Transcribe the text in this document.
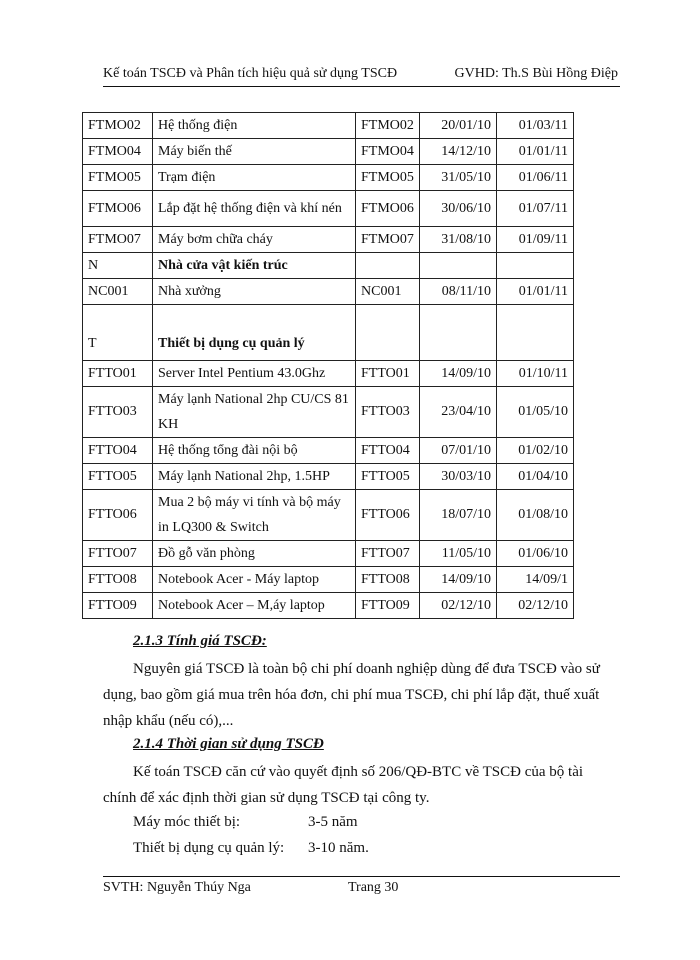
Kế toán TSCĐ và Phân tích hiệu quả sử dụng TSCĐ	GVHD: Th.S Bùi Hồng Điệp
FTMO02	Hệ thống điện	FTMO02	20/01/10	01/03/11
FTMO04	Máy biến thế	FTMO04	14/12/10	01/01/11
FTMO05	Trạm điện	FTMO05	31/05/10	01/06/11
FTMO06	Lắp đặt hệ thống điện và khí nén	FTMO06	30/06/10	01/07/11
FTMO07	Máy bơm chữa cháy	FTMO07	31/08/10	01/09/11
N	Nhà cửa vật kiến trúc			
NC001	Nhà xưởng	NC001	08/11/10	01/01/11
T	Thiết bị dụng cụ quản lý			
FTTO01	Server Intel Pentium 43.0Ghz	FTTO01	14/09/10	01/10/11
FTTO03	Máy lạnh National 2hp CU/CS 81 KH	FTTO03	23/04/10	01/05/10
FTTO04	Hệ thống tổng đài nội bộ	FTTO04	07/01/10	01/02/10
FTTO05	Máy lạnh National 2hp, 1.5HP	FTTO05	30/03/10	01/04/10
FTTO06	Mua 2 bộ máy vi tính và bộ máy in LQ300 & Switch	FTTO06	18/07/10	01/08/10
FTTO07	Đồ gỗ văn phòng	FTTO07	11/05/10	01/06/10
FTTO08	Notebook Acer - Máy laptop	FTTO08	14/09/10	14/09/1
FTTO09	Notebook Acer – M,áy laptop	FTTO09	02/12/10	02/12/10
2.1.3 Tính giá TSCĐ:
Nguyên giá TSCĐ là toàn bộ chi phí doanh nghiệp dùng để đưa TSCĐ vào sử dụng, bao gồm giá mua trên hóa đơn, chi phí mua TSCĐ, chi phí lắp đặt, thuế xuất nhập khẩu (nếu có),...
2.1.4 Thời gian sử dụng TSCĐ
Kế toán TSCĐ căn cứ vào quyết định số 206/QĐ-BTC về TSCĐ của bộ tài chính để xác định thời gian sử dụng TSCĐ tại công ty.
Máy móc thiết bị:	3-5 năm
Thiết bị dụng cụ quản lý: 3-10 năm.
SVTH: Nguyễn Thúy Nga	Trang 30
